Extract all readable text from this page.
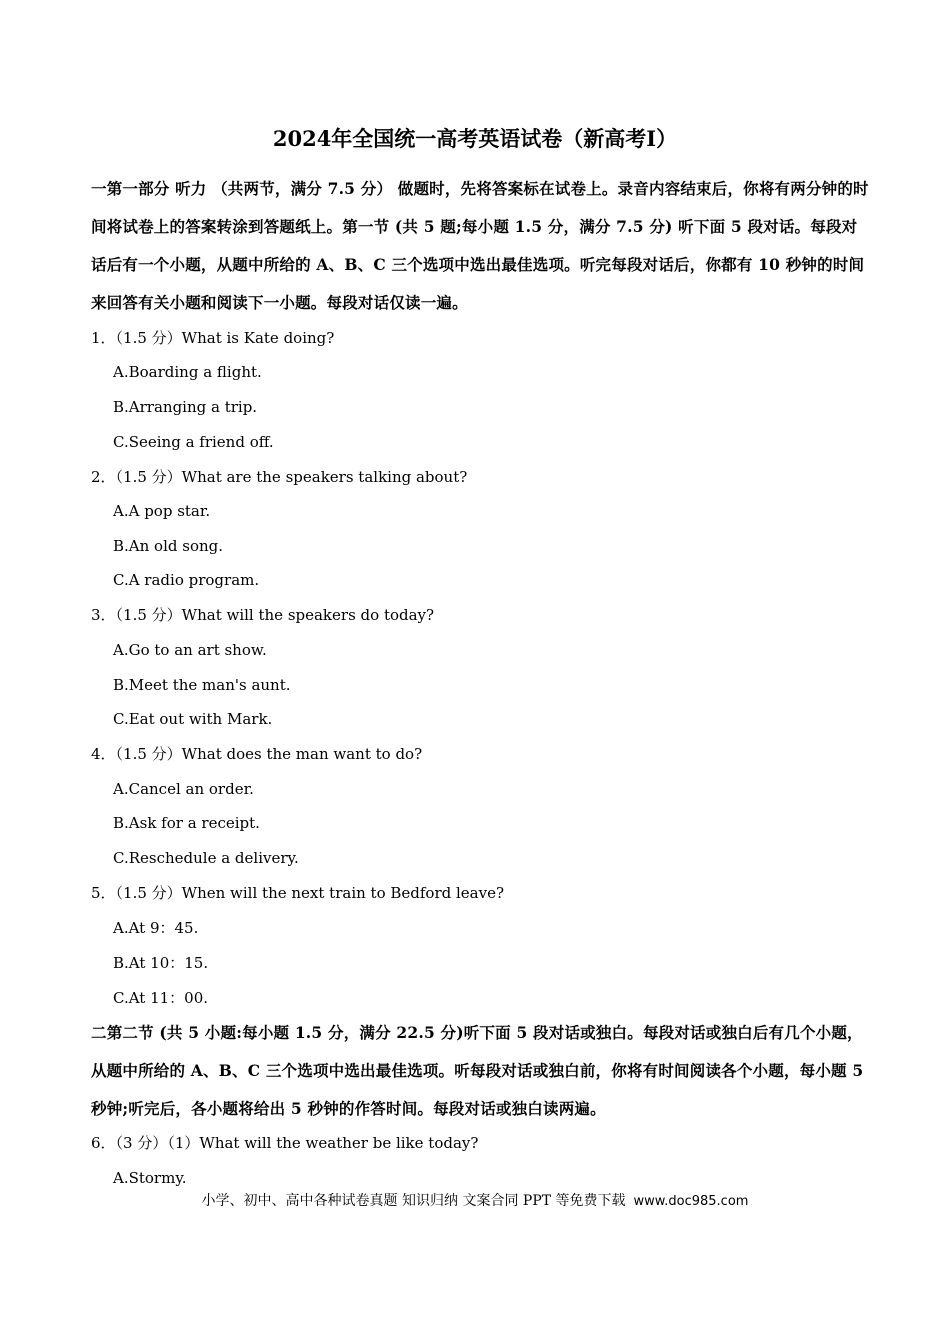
2024年全国统一高考英语试卷（新高考Ⅰ）
一第一部分 听力 （共两节，满分 7.5 分） 做题时，先将答案标在试卷上。录音内容结束后，你将有两分钟的时间将试卷上的答案转涂到答题纸上。第一节 (共 5 题;每小题 1.5 分，满分 7.5 分) 听下面 5 段对话。每段对话后有一个小题，从题中所给的 A、B、C 三个选项中选出最佳选项。听完每段对话后，你都有 10 秒钟的时间来回答有关小题和阅读下一小题。每段对话仅读一遍。
1．（1.5 分）What is Kate doing?
A.Boarding a flight.
B.Arranging a trip.
C.Seeing a friend off.
2．（1.5 分）What are the speakers talking about?
A.A pop star.
B.An old song.
C.A radio program.
3．（1.5 分）What will the speakers do today?
A.Go to an art show.
B.Meet the man's aunt.
C.Eat out with Mark.
4．（1.5 分）What does the man want to do?
A.Cancel an order.
B.Ask for a receipt.
C.Reschedule a delivery.
5．（1.5 分）When will the next train to Bedford leave?
A.At 9：45.
B.At 10：15.
C.At 11：00.
二第二节 (共 5 小题:每小题 1.5 分，满分 22.5 分)听下面 5 段对话或独白。每段对话或独白后有几个小题，从题中所给的 A、B、C 三个选项中选出最佳选项。听每段对话或独白前，你将有时间阅读各个小题，每小题 5 秒钟;听完后，各小题将给出 5 秒钟的作答时间。每段对话或独白读两遍。
6．（3 分）（1）What will the weather be like today?
A.Stormy.
小学、初中、高中各种试卷真题 知识归纳 文案合同 PPT 等免费下载 www.doc985.com
